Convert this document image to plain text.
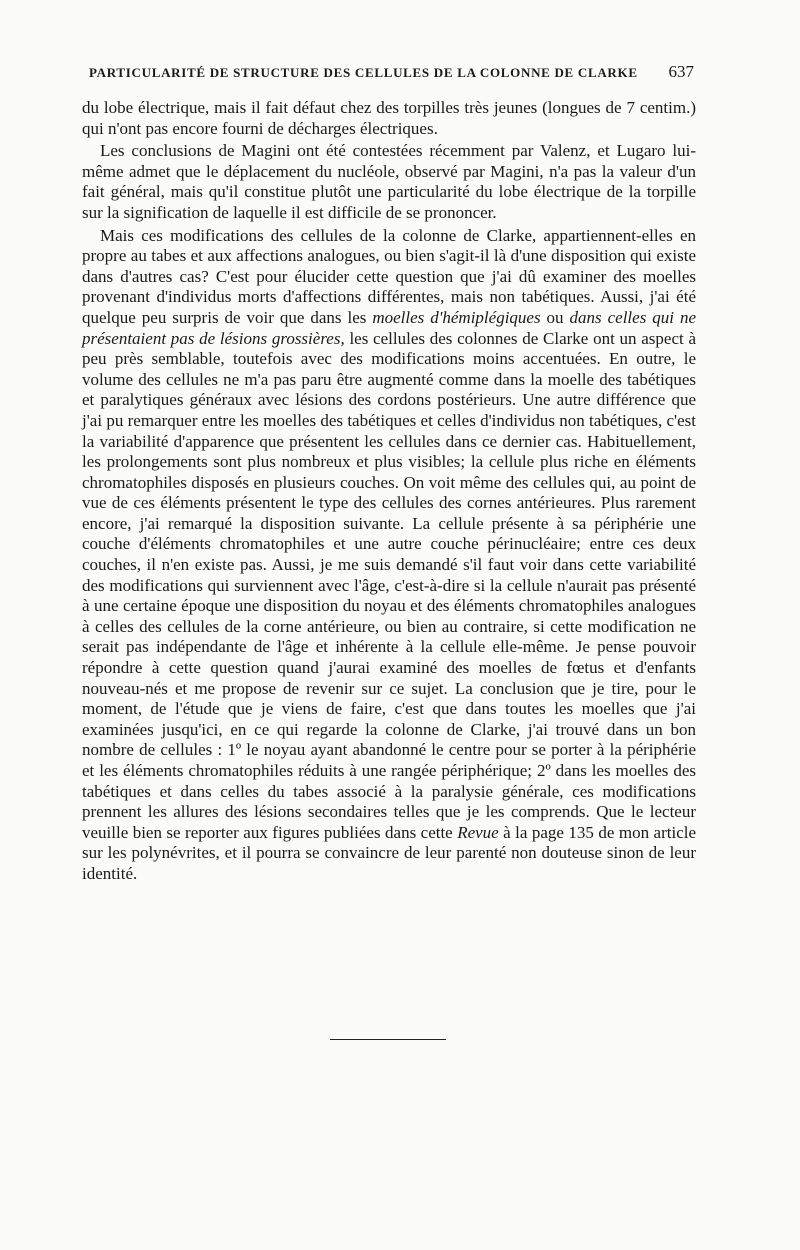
PARTICULARITÉ DE STRUCTURE DES CELLULES DE LA COLONNE DE CLARKE 637

du lobe électrique, mais il fait défaut chez des torpilles très jeunes (longues de 7 centim.) qui n'ont pas encore fourni de décharges électriques.

Les conclusions de Magini ont été contestées récemment par Valenz, et Lugaro lui-même admet que le déplacement du nucléole, observé par Magini, n'a pas la valeur d'un fait général, mais qu'il constitue plutôt une particularité du lobe électrique de la torpille sur la signification de laquelle il est difficile de se prononcer.

Mais ces modifications des cellules de la colonne de Clarke, appartiennent-elles en propre au tabes et aux affections analogues, ou bien s'agit-il là d'une disposition qui existe dans d'autres cas? C'est pour élucider cette question que j'ai dû examiner des moelles provenant d'individus morts d'affections différentes, mais non tabétiques. Aussi, j'ai été quelque peu surpris de voir que dans les moelles d'hémiplégiques ou dans celles qui ne présentaient pas de lésions grossières, les cellules des colonnes de Clarke ont un aspect à peu près semblable, toutefois avec des modifications moins accentuées. En outre, le volume des cellules ne m'a pas paru être augmenté comme dans la moelle des tabétiques et paralytiques généraux avec lésions des cordons postérieurs. Une autre différence que j'ai pu remarquer entre les moelles des tabétiques et celles d'individus non tabétiques, c'est la variabilité d'apparence que présentent les cellules dans ce dernier cas. Habituellement, les prolongements sont plus nombreux et plus visibles; la cellule plus riche en éléments chromatophiles disposés en plusieurs couches. On voit même des cellules qui, au point de vue de ces éléments présentent le type des cellules des cornes antérieures. Plus rarement encore, j'ai remarqué la disposition suivante. La cellule présente à sa périphérie une couche d'éléments chromatophiles et une autre couche périnucléaire; entre ces deux couches, il n'en existe pas. Aussi, je me suis demandé s'il faut voir dans cette variabilité des modifications qui surviennent avec l'âge, c'est-à-dire si la cellule n'aurait pas présenté à une certaine époque une disposition du noyau et des éléments chromatophiles analogues à celles des cellules de la corne antérieure, ou bien au contraire, si cette modification ne serait pas indépendante de l'âge et inhérente à la cellule elle-même. Je pense pouvoir répondre à cette question quand j'aurai examiné des moelles de fœtus et d'enfants nouveau-nés et me propose de revenir sur ce sujet. La conclusion que je tire, pour le moment, de l'étude que je viens de faire, c'est que dans toutes les moelles que j'ai examinées jusqu'ici, en ce qui regarde la colonne de Clarke, j'ai trouvé dans un bon nombre de cellules : 1º le noyau ayant abandonné le centre pour se porter à la périphérie et les éléments chromatophiles réduits à une rangée périphérique; 2º dans les moelles des tabétiques et dans celles du tabes associé à la paralysie générale, ces modifications prennent les allures des lésions secondaires telles que je les comprends. Que le lecteur veuille bien se reporter aux figures publiées dans cette Revue à la page 135 de mon article sur les polynévrites, et il pourra se convaincre de leur parenté non douteuse sinon de leur identité.
